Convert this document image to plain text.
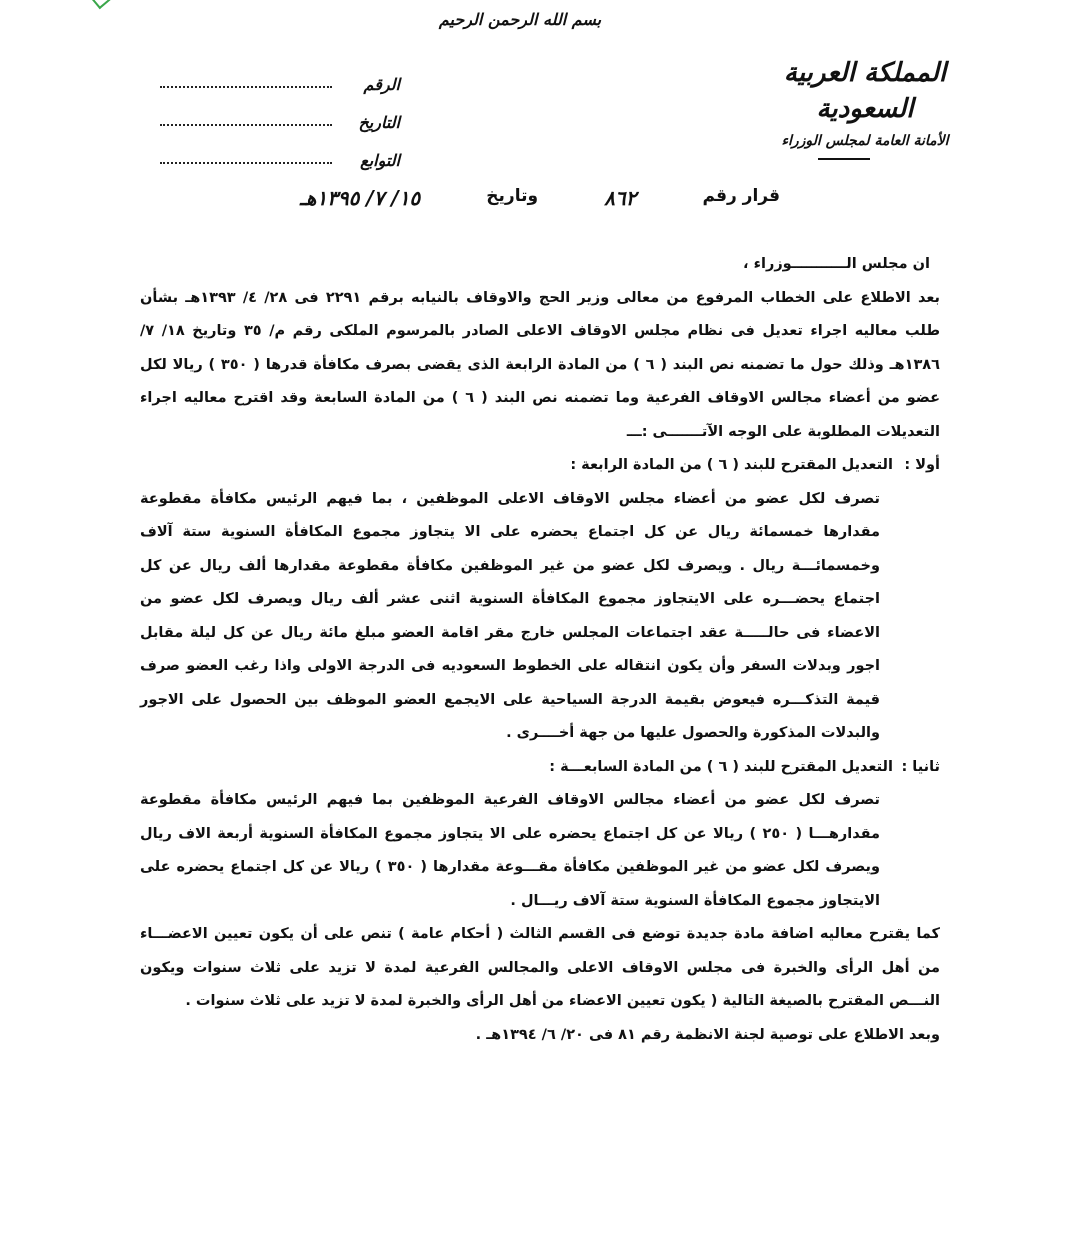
بسم الله الرحمن الرحيم
المملكة العربية السعودية
الأمانة العامة لمجلس الوزراء
الرقم
التاريخ
التوابع
قرار رقم
٨٦٢
وتاريخ
١٥/ ٧/ ١٣٩٥هـ

ان مجلس الـــــــــــوزراء ،

بعد الاطلاع على الخطاب المرفوع من معالى وزير الحج والاوقاف بالنيابه برقم ٢٢٩١ فى ٢٨/ ٤/ ١٣٩٣هـ بشأن طلب معاليه اجراء تعديل فى نظام مجلس الاوقاف الاعلى الصادر بالمرسوم الملكى رقم م/ ٣٥ وتاريخ ١٨/ ٧/ ١٣٨٦هـ وذلك حول ما تضمنه نص البند ( ٦ ) من المادة الرابعة الذى يقضى بصرف مكافأة قدرها ( ٣٥٠ ) ريالا لكل عضو من أعضاء مجالس الاوقاف الفرعية وما تضمنه نص البند ( ٦ ) من المادة السابعة وقد اقترح معاليه اجراء التعديلات المطلوبة على الوجه الآتـــــــى :ـــ

أولا : التعديل المقترح للبند ( ٦ ) من المادة الرابعة :

تصرف لكل عضو من أعضاء مجلس الاوقاف الاعلى الموظفين ، بما فيهم الرئيس مكافأة مقطوعة مقدارها خمسمائة ريال عن كل اجتماع يحضره على الا يتجاوز مجموع المكافأة السنوية ستة آلاف وخمسمائـــة ريال . ويصرف لكل عضو من غير الموظفين مكافأة مقطوعة مقدارها ألف ريال عن كل اجتماع يحضـــره على الايتجاوز مجموع المكافأة السنوية اثنى عشر ألف ريال ويصرف لكل عضو من الاعضاء فى حالـــــة عقد اجتماعات المجلس خارج مقر اقامة العضو مبلغ مائة ريال عن كل ليلة مقابل اجور وبدلات السفر وأن يكون انتقاله على الخطوط السعوديه فى الدرجة الاولى واذا رغب العضو صرف قيمة التذكـــره فيعوض بقيمة الدرجة السياحية على الايجمع العضو الموظف بين الحصول على الاجور والبدلات المذكورة والحصول عليها من جهة أخــــرى .

ثانيا : التعديل المقترح للبند ( ٦ ) من المادة السابعـــة :

تصرف لكل عضو من أعضاء مجالس الاوقاف الفرعية الموظفين بما فيهم الرئيس مكافأة مقطوعة مقدارهـــا ( ٢٥٠ ) ريالا عن كل اجتماع يحضره على الا يتجاوز مجموع المكافأة السنوية أربعة الاف ريال ويصرف لكل عضو من غير الموظفين مكافأة مقـــوعة مقدارها ( ٣٥٠ ) ريالا عن كل اجتماع يحضره على الايتجاوز مجموع المكافأة السنوية ستة آلاف ريـــال .

كما يقترح معاليه اضافة مادة جديدة توضع فى القسم الثالث ( أحكام عامة ) تنص على أن يكون تعيين الاعضـــاء من أهل الرأى والخبرة فى مجلس الاوقاف الاعلى والمجالس الفرعية لمدة لا تزيد على ثلاث سنوات ويكون النـــص المقترح بالصيغة التالية ( يكون تعيين الاعضاء من أهل الرأى والخبرة لمدة لا تزيد على ثلاث سنوات .

وبعد الاطلاع على توصية لجنة الانظمة رقم ٨١ فى ٢٠/ ٦/ ١٣٩٤هـ .
